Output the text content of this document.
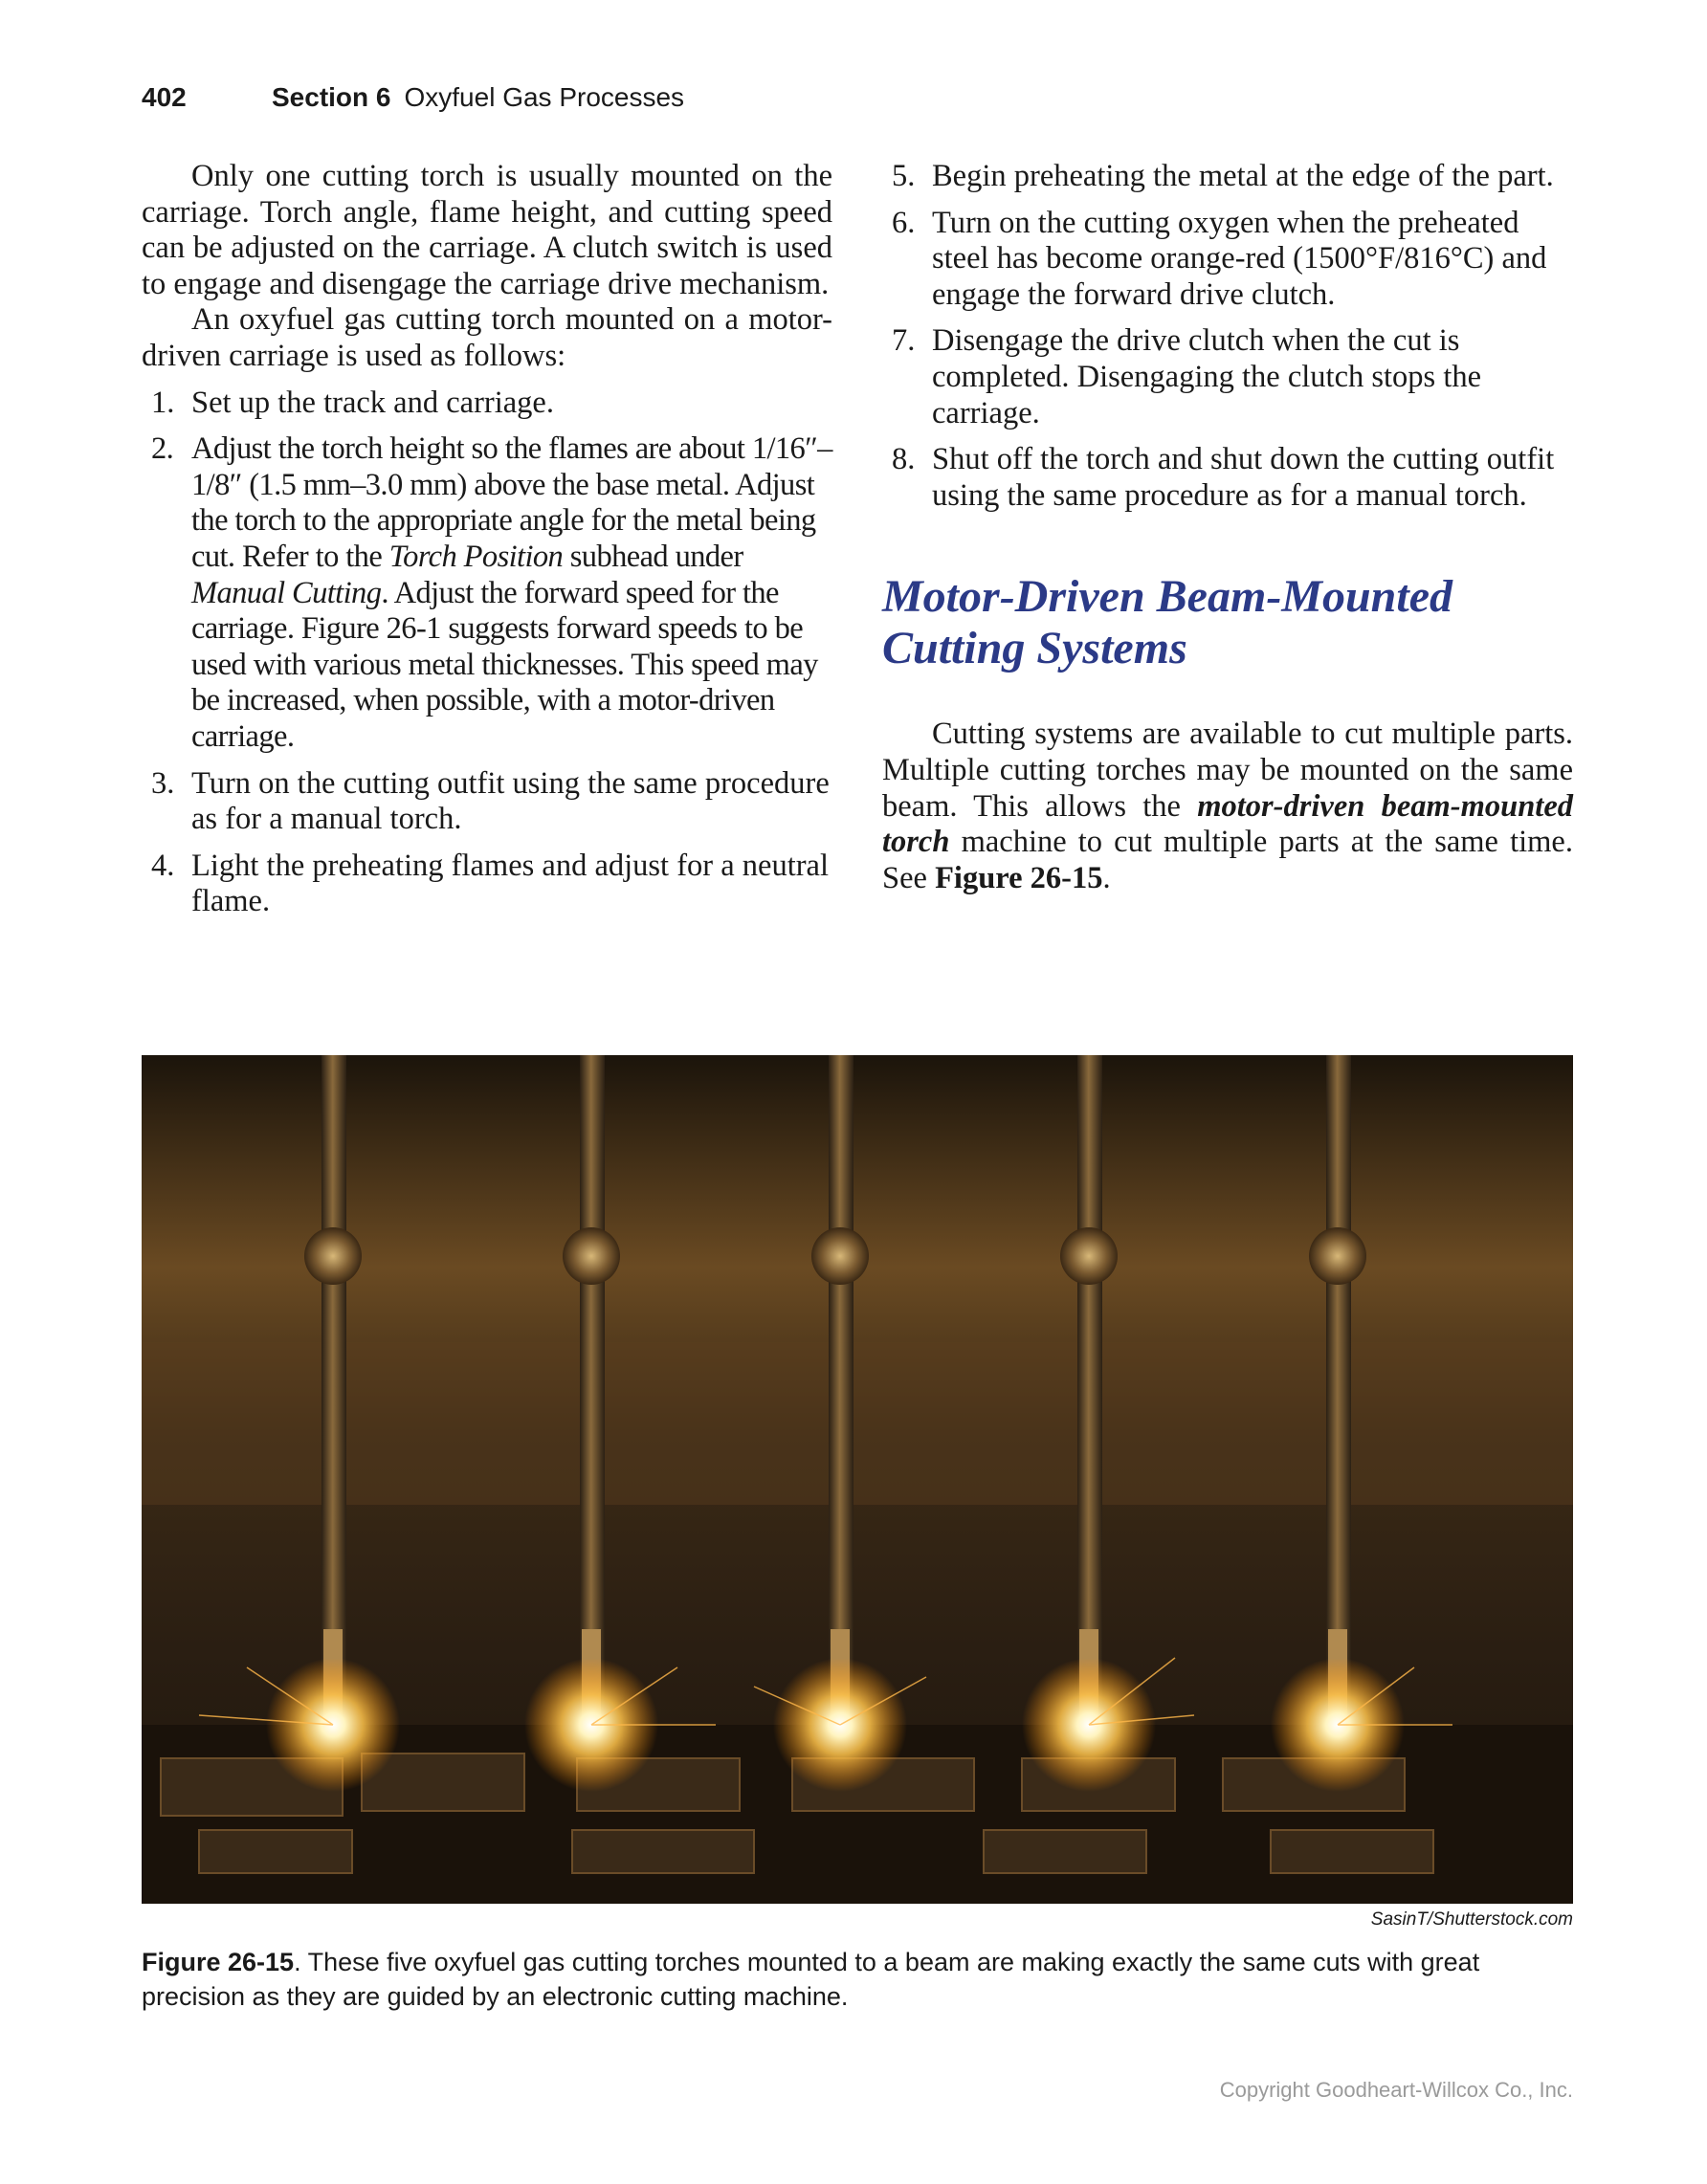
402	Section 6 Oxyfuel Gas Processes

Only one cutting torch is usually mounted on the carriage. Torch angle, flame height, and cutting speed can be adjusted on the carriage. A clutch switch is used to engage and disengage the carriage drive mechanism.

An oxyfuel gas cutting torch mounted on a motor-driven carriage is used as follows:

1. Set up the track and carriage.
2. Adjust the torch height so the flames are about 1/16″–1/8″ (1.5 mm–3.0 mm) above the base metal. Adjust the torch to the appropriate angle for the metal being cut. Refer to the Torch Position subhead under Manual Cutting. Adjust the forward speed for the carriage. Figure 26-1 suggests forward speeds to be used with various metal thicknesses. This speed may be increased, when possible, with a motor-driven carriage.
3. Turn on the cutting outfit using the same procedure as for a manual torch.
4. Light the preheating flames and adjust for a neutral flame.
5. Begin preheating the metal at the edge of the part.
6. Turn on the cutting oxygen when the preheated steel has become orange-red (1500°F/816°C) and engage the forward drive clutch.
7. Disengage the drive clutch when the cut is completed. Disengaging the clutch stops the carriage.
8. Shut off the torch and shut down the cutting outfit using the same procedure as for a manual torch.
Motor-Driven Beam-Mounted Cutting Systems

Cutting systems are available to cut multiple parts. Multiple cutting torches may be mounted on the same beam. This allows the motor-driven beam-mounted torch machine to cut multiple parts at the same time. See Figure 26-15.

SasinT/Shutterstock.com
Figure 26-15. These five oxyfuel gas cutting torches mounted to a beam are making exactly the same cuts with great precision as they are guided by an electronic cutting machine.
Copyright Goodheart-Willcox Co., Inc.
